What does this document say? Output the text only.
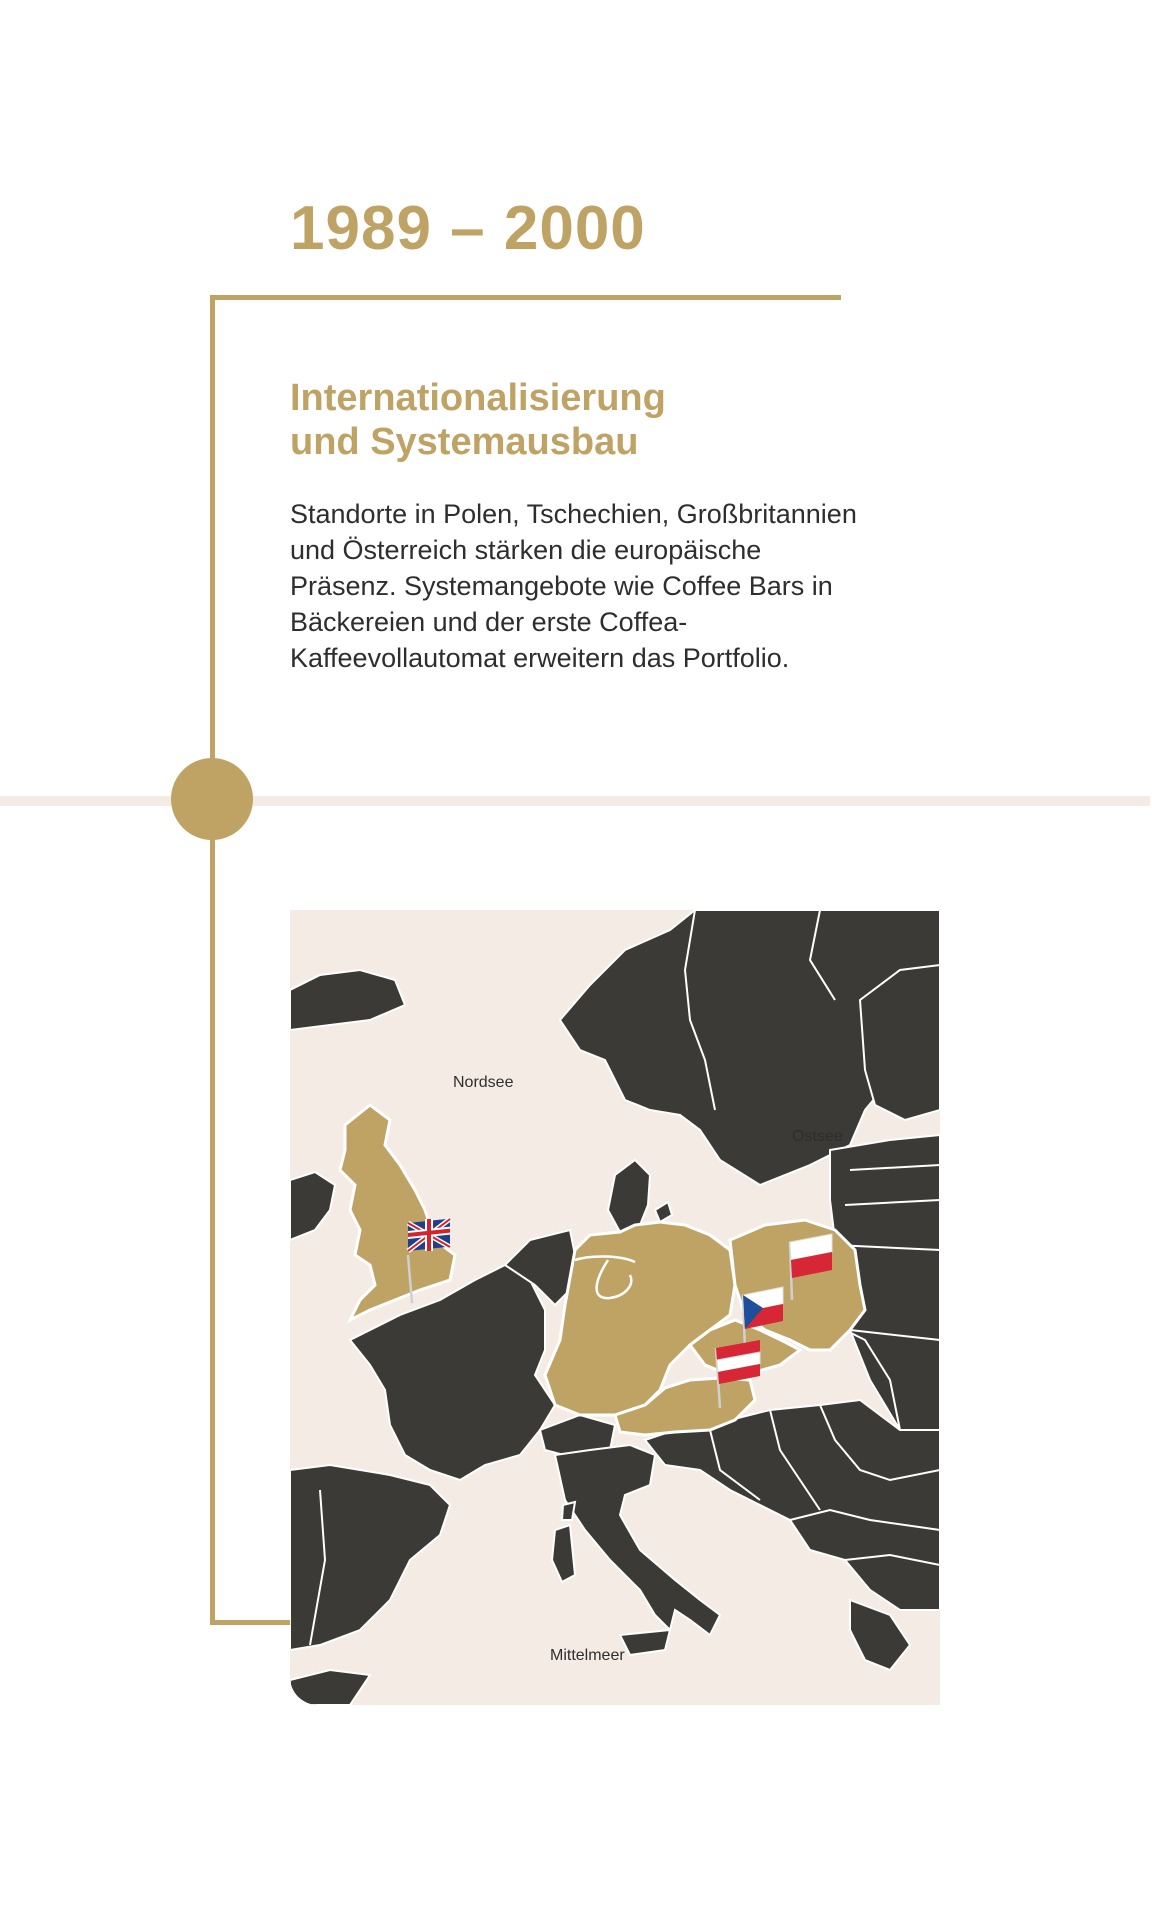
1989 – 2000
Internationalisierung
und Systemausbau
Standorte in Polen, Tschechien, Großbritannien
und Österreich stärken die europäische
Präsenz. Systemangebote wie Coffee Bars in
Bäckereien und der erste Coffea-
Kaffeevollautomat erweitern das Portfolio.
Nordsee
Ostsee
Mittelmeer
